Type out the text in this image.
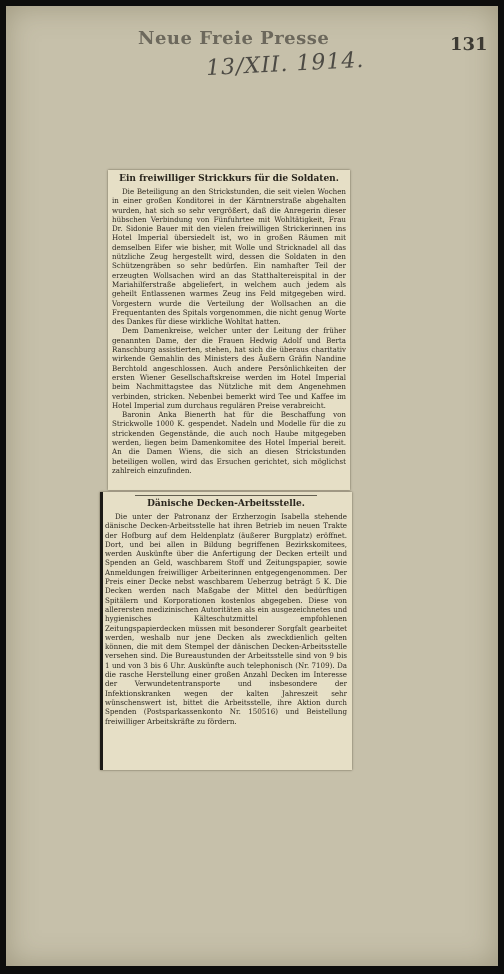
Neue Freie Presse	131
13/XII. 1914.
Ein freiwilliger Strickkurs für die Soldaten.

Die Beteiligung an den Strickstunden, die seit vielen Wochen in einer großen Konditorei in der Kärntnerstraße abgehalten wurden, hat sich so sehr vergrößert, daß die Anregerin dieser hübschen Verbindung von Fünfuhrtee mit Wohltätigkeit, Frau Dr. Sidonie Bauer mit den vielen freiwilligen Strickerinnen ins Hotel Imperial übersiedelt ist, wo in großen Räumen mit demselben Eifer wie bisher, mit Wolle und Stricknadel all das nützliche Zeug hergestellt wird, dessen die Soldaten in den Schützengräben so sehr bedürfen. Ein namhafter Teil der erzeugten Wollsachen wird an das Statthaltereispital in der Mariahilferstraße abgeliefert, in welchem auch jedem als geheilt Entlassenen warmes Zeug ins Feld mitgegeben wird. Vorgestern wurde die Verteilung der Wollsachen an die Frequentanten des Spitals vorgenommen, die nicht genug Worte des Dankes für diese wirkliche Wohltat hatten.

Dem Damenkreise, welcher unter der Leitung der früher genannten Dame, der die Frauen Hedwig Adolf und Berta Ranschburg assistierten, stehen, hat sich die überaus charitativ wirkende Gemahlin des Ministers des Äußern Gräfin Nandine Berchtold angeschlossen. Auch andere Persönlichkeiten der ersten Wiener Gesellschaftskreise werden im Hotel Imperial beim Nachmittagstee das Nützliche mit dem Angenehmen verbinden, stricken. Nebenbei bemerkt wird Tee und Kaffee im Hotel Imperial zum durchaus regulären Preise verabreicht.

Baronin Anka Bienerth hat für die Beschaffung von Strickwolle 1000 K. gespendet. Nadeln und Modelle für die zu strickenden Gegenstände, die auch noch Haube mitgegeben werden, liegen beim Damenkomitee des Hotel Imperial bereit. An die Damen Wiens, die sich an diesen Strickstunden beteiligen wollen, wird das Ersuchen gerichtet, sich möglichst zahlreich einzufinden.

Dänische Decken-Arbeitsstelle.

Die unter der Patronanz der Erzherzogin Isabella stehende dänische Decken-Arbeitsstelle hat ihren Betrieb im neuen Trakte der Hofburg auf dem Heldenplatz (äußerer Burgplatz) eröffnet. Dort, und bei allen in Bildung begriffenen Bezirkskomitees, werden Auskünfte über die Anfertigung der Decken erteilt und Spenden an Geld, waschbarem Stoff und Zeitungspapier, sowie Anmeldungen freiwilliger Arbeiterinnen entgegengenommen. Der Preis einer Decke nebst waschbarem Ueberzug beträgt 5 K. Die Decken werden nach Maßgabe der Mittel den bedürftigen Spitälern und Korporationen kostenlos abgegeben. Diese von allerersten medizinischen Autoritäten als ein ausgezeichnetes und hygienisches Kälteschutzmittel empfohlenen Zeitungspapierdecken müssen mit besonderer Sorgfalt gearbeitet werden, weshalb nur jene Decken als zweckdienlich gelten können, die mit dem Stempel der dänischen Decken-Arbeitsstelle versehen sind. Die Bureaustunden der Arbeitsstelle sind von 9 bis 1 und von 3 bis 6 Uhr. Auskünfte auch telephonisch (Nr. 7109). Da die rasche Herstellung einer großen Anzahl Decken im Interesse der Verwundetentransporte und insbesondere der Infektionskranken wegen der kalten Jahreszeit sehr wünschenswert ist, bittet die Arbeitsstelle, ihre Aktion durch Spenden (Postsparkassenkonto Nr. 150516) und Beistellung freiwilliger Arbeitskräfte zu fördern.
